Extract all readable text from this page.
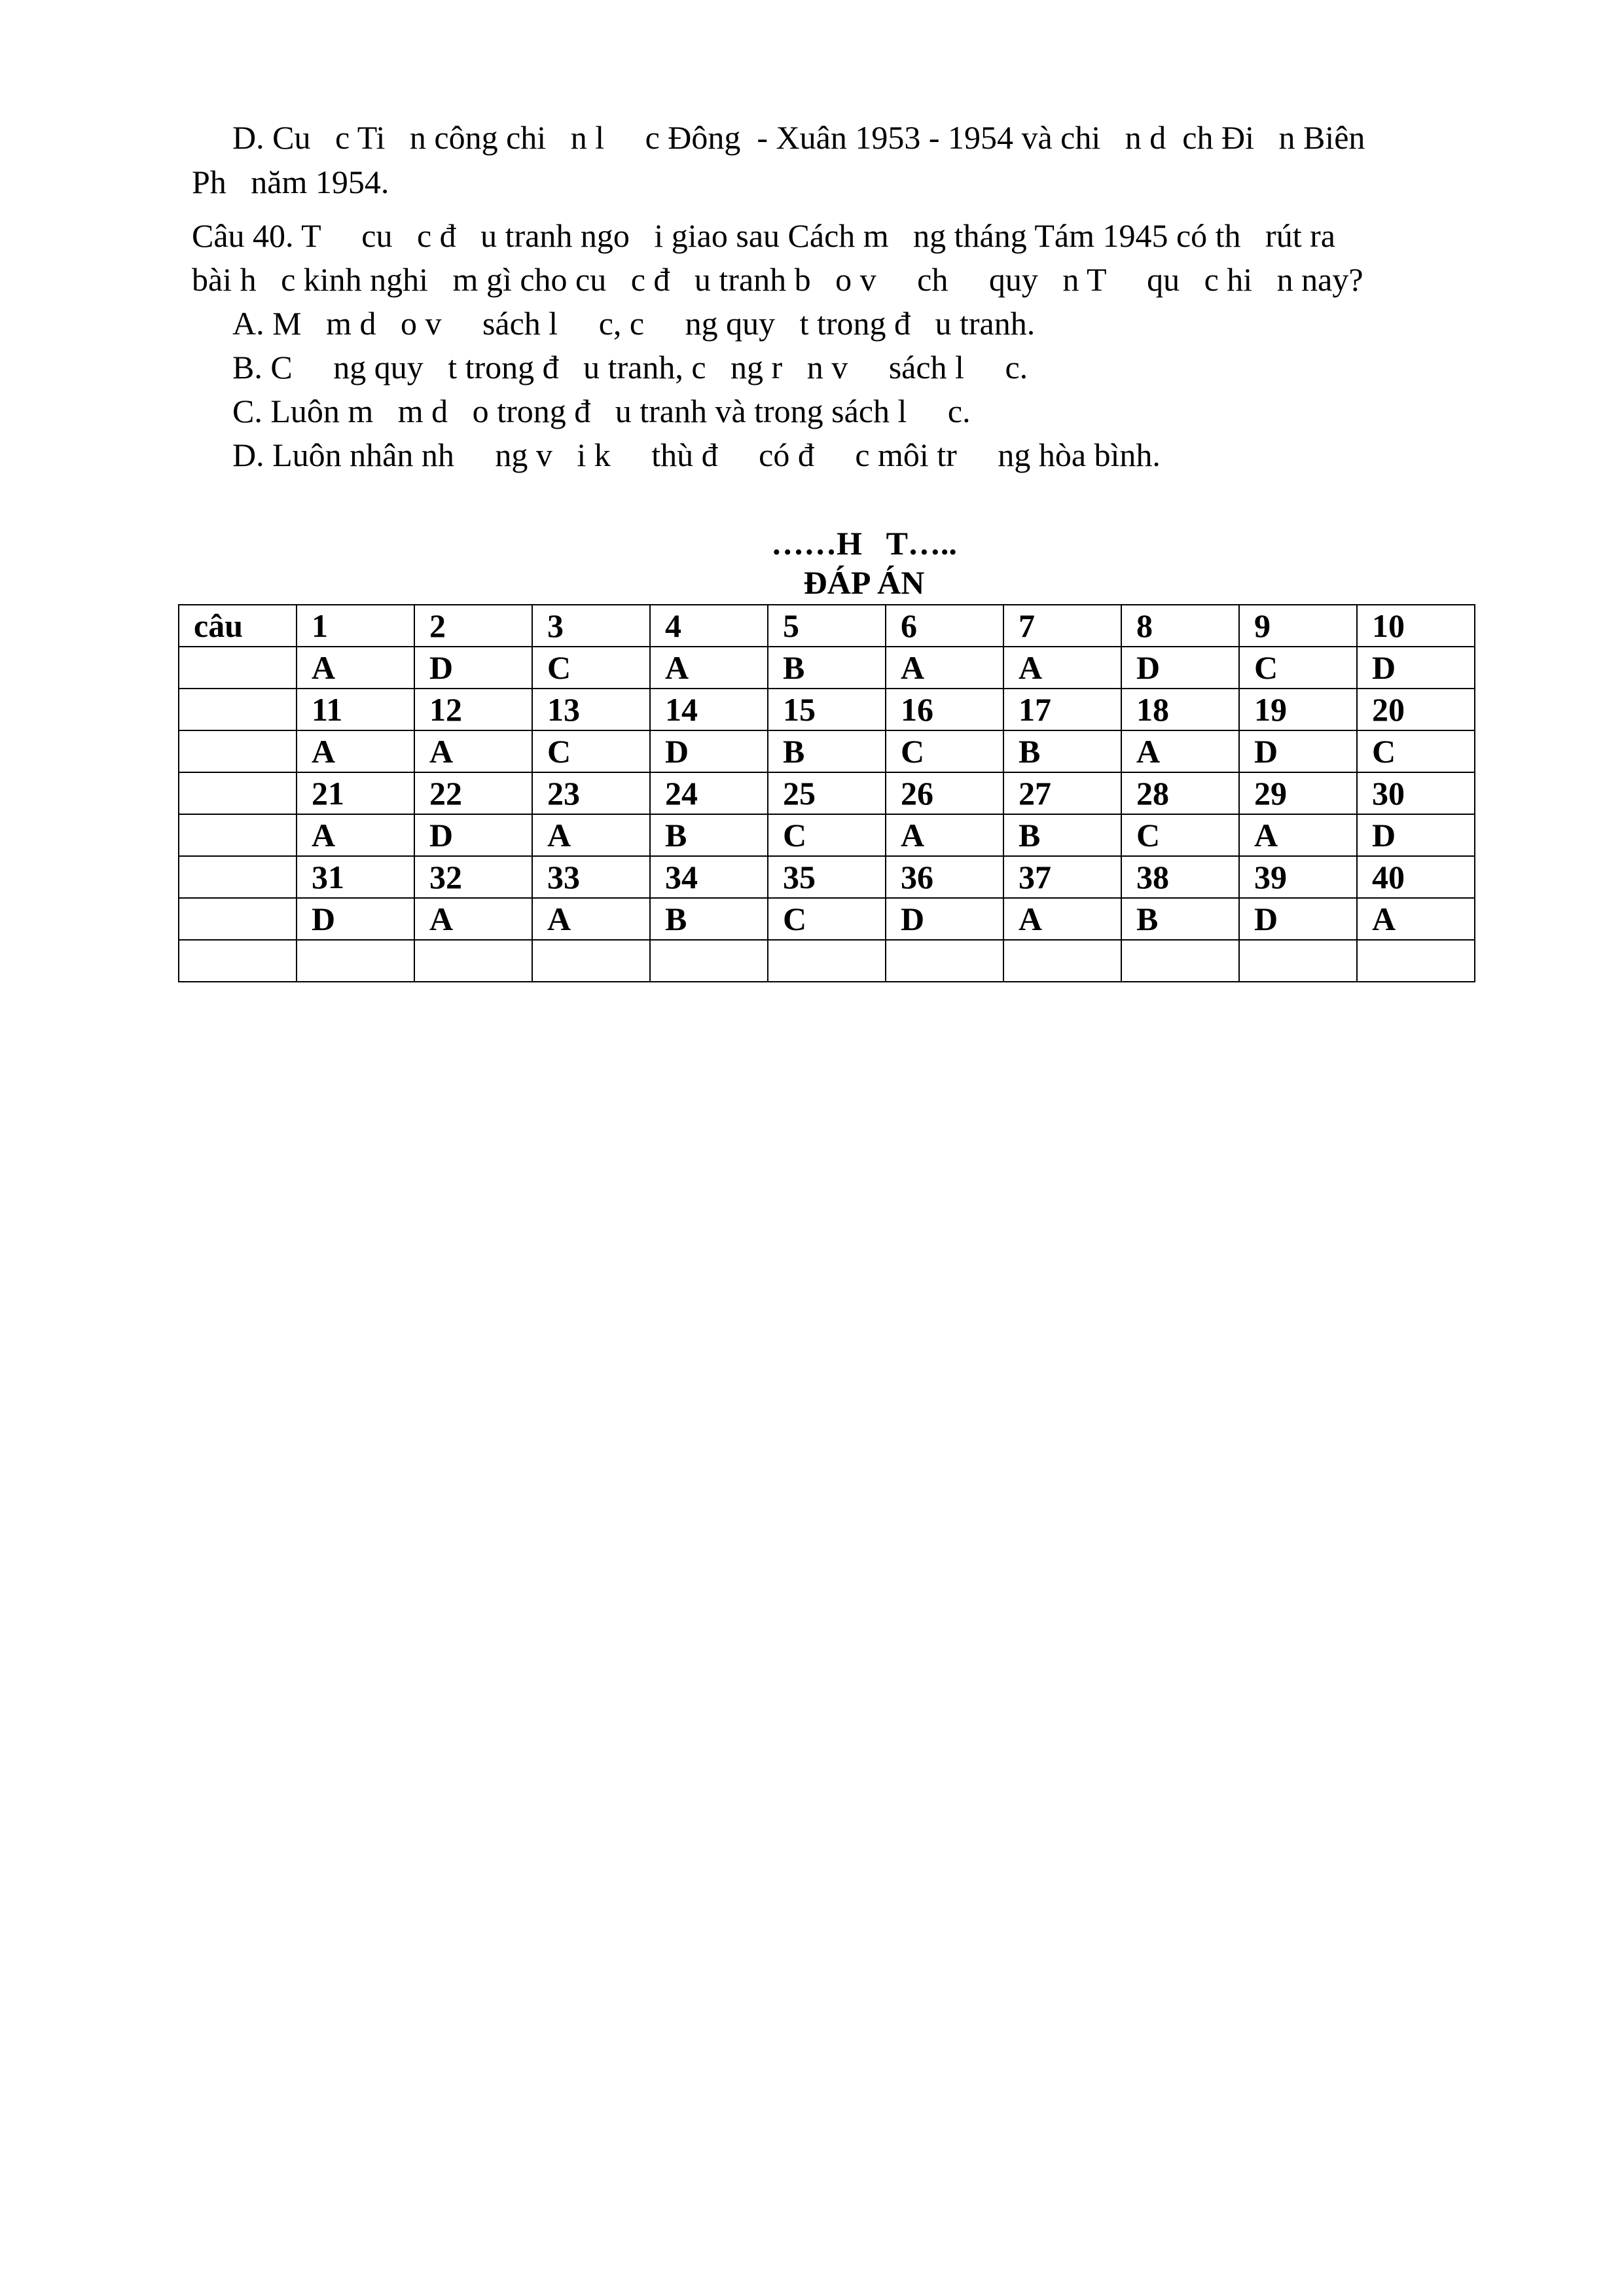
D. Cu   c Ti   n công chi   n l     c Đông  - Xuân 1953 - 1954 và chi   n d  ch Đi   n Biên
Ph   năm 1954.
Câu 40. T     cu   c đ   u tranh ngo   i giao sau Cách m   ng tháng Tám 1945 có th   rút ra
bài h   c kinh nghi   m gì cho cu   c đ   u tranh b   o v     ch     quy   n T     qu   c hi   n nay?
A. M   m d   o v     sách l     c, c     ng quy   t trong đ   u tranh.
B. C     ng quy   t trong đ   u tranh, c   ng r   n v     sách l     c.
C. Luôn m   m d   o trong đ   u tranh và trong sách l     c.
D. Luôn nhân nh     ng v   i k     thù đ     có đ     c môi tr     ng hòa bình.
……H   T…..
ĐÁP ÁN
câu	1	2	3	4	5	6	7	8	9	10
	A	D	C	A	B	A	A	D	C	D
	11	12	13	14	15	16	17	18	19	20
	A	A	C	D	B	C	B	A	D	C
	21	22	23	24	25	26	27	28	29	30
	A	D	A	B	C	A	B	C	A	D
	31	32	33	34	35	36	37	38	39	40
	D	A	A	B	C	D	A	B	D	A
